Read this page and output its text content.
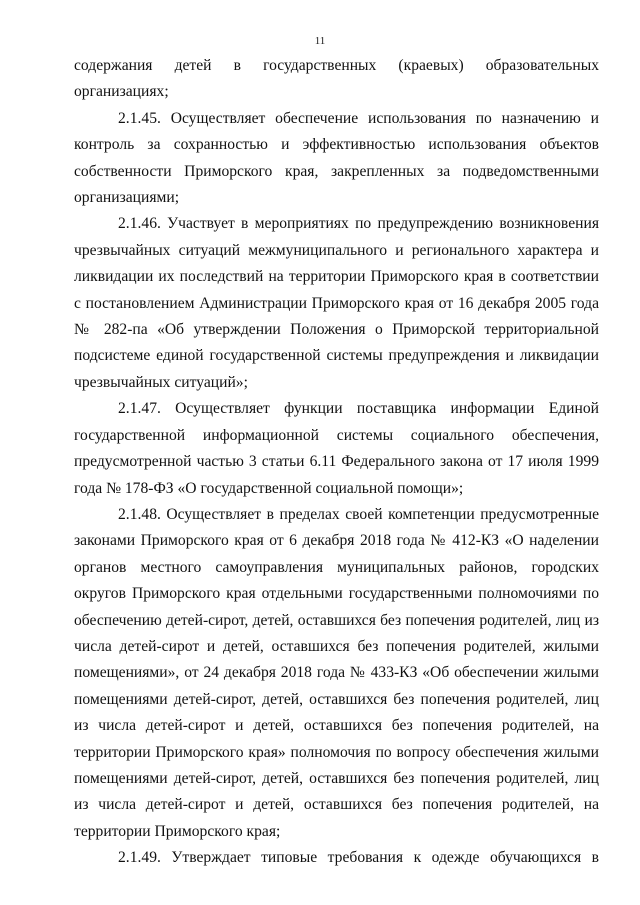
11

содержания детей в государственных (краевых) образовательных организациях;

2.1.45. Осуществляет обеспечение использования по назначению и контроль за сохранностью и эффективностью использования объектов собственности Приморского края, закрепленных за подведомственными организациями;

2.1.46. Участвует в мероприятиях по предупреждению возникновения чрезвычайных ситуаций межмуниципального и регионального характера и ликвидации их последствий на территории Приморского края в соответствии с постановлением Администрации Приморского края от 16 декабря 2005 года № 282-па «Об утверждении Положения о Приморской территориальной подсистеме единой государственной системы предупреждения и ликвидации чрезвычайных ситуаций»;

2.1.47. Осуществляет функции поставщика информации Единой государственной информационной системы социального обеспечения, предусмотренной частью 3 статьи 6.11 Федерального закона от 17 июля 1999 года № 178-ФЗ «О государственной социальной помощи»;

2.1.48. Осуществляет в пределах своей компетенции предусмотренные законами Приморского края от 6 декабря 2018 года № 412-КЗ «О наделении органов местного самоуправления муниципальных районов, городских округов Приморского края отдельными государственными полномочиями по обеспечению детей-сирот, детей, оставшихся без попечения родителей, лиц из числа детей-сирот и детей, оставшихся без попечения родителей, жилыми помещениями», от 24 декабря 2018 года № 433-КЗ «Об обеспечении жилыми помещениями детей-сирот, детей, оставшихся без попечения родителей, лиц из числа детей-сирот и детей, оставшихся без попечения родителей, на территории Приморского края» полномочия по вопросу обеспечения жилыми помещениями детей-сирот, детей, оставшихся без попечения родителей, лиц из числа детей-сирот и детей, оставшихся без попечения родителей, на территории Приморского края;

2.1.49. Утверждает типовые требования к одежде обучающихся в
